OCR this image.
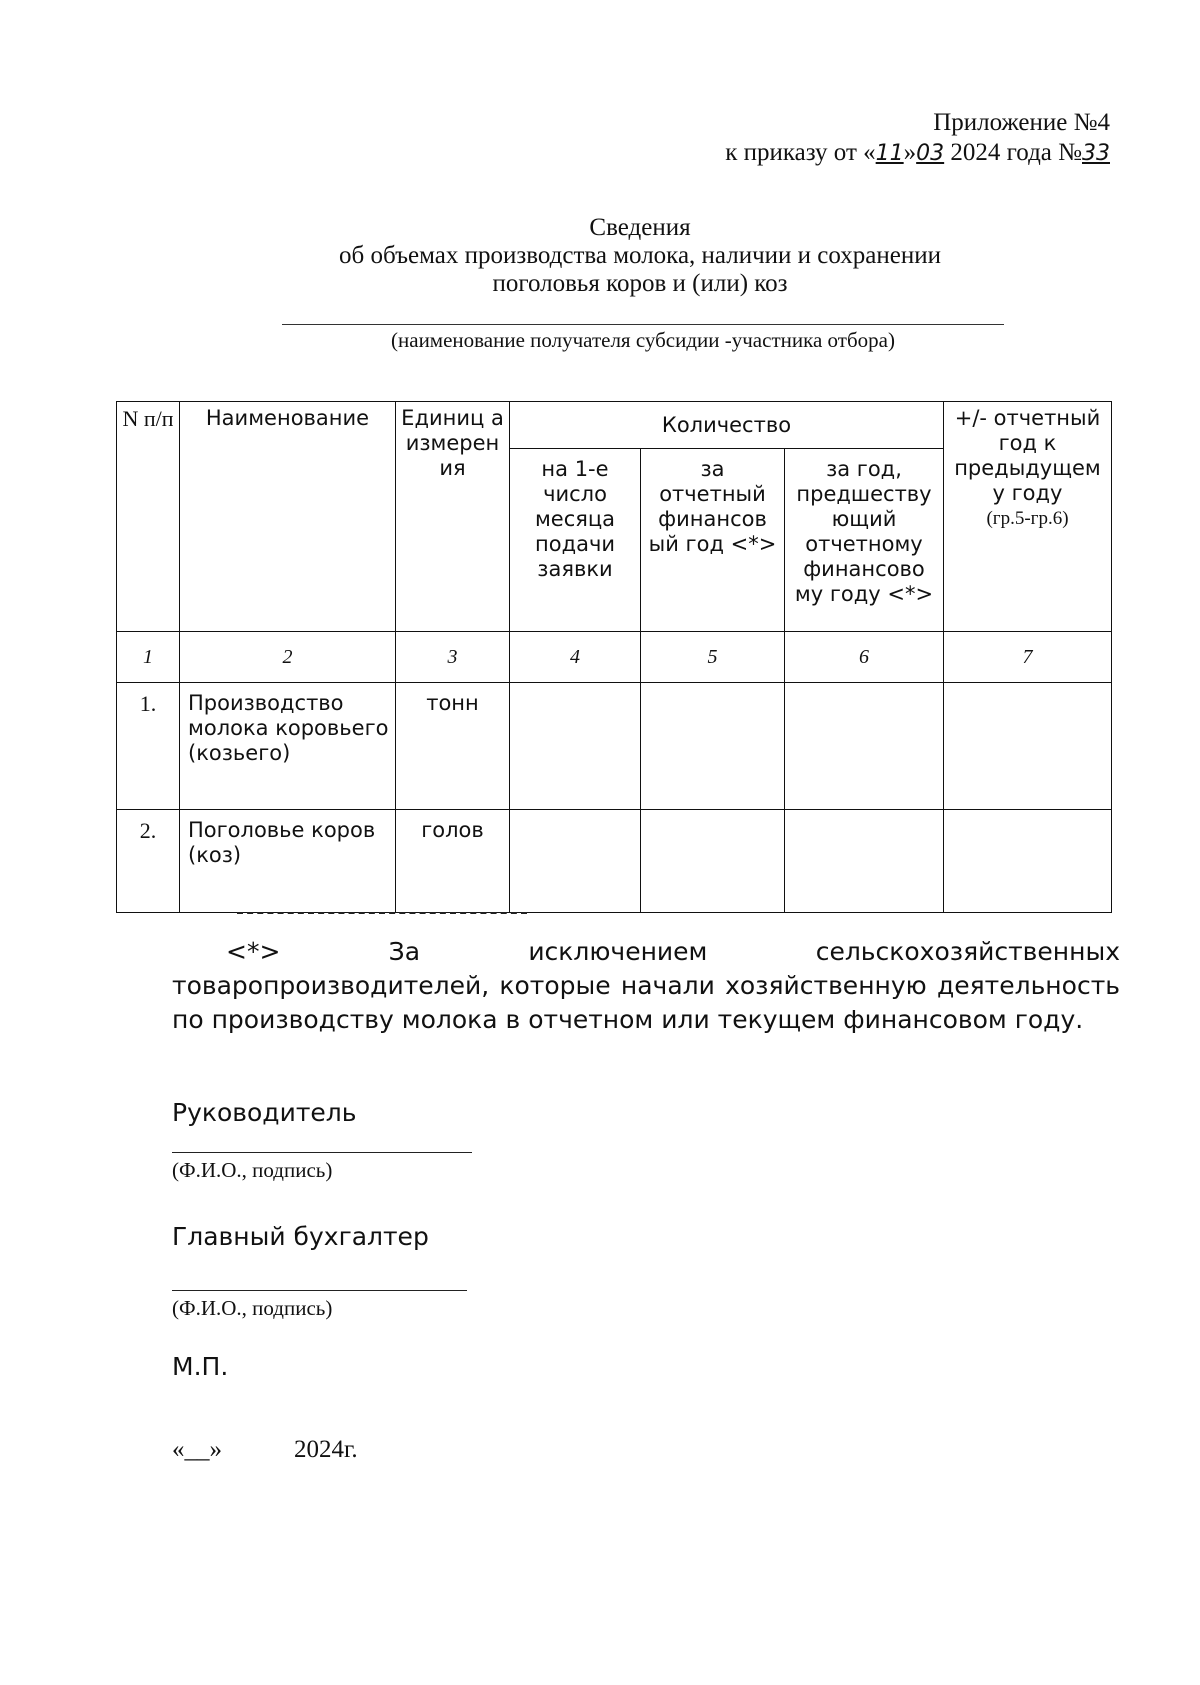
Приложение №4
к приказу от «11»03 2024 года №33
Сведения
об объемах производства молока, наличии и сохранении
поголовья коров и (или) коз
(наименование получателя субсидии -участника отбора)
N п/п	Наименование	Единиц а измерен ия	Количество			+/- отчетный год к предыдущем у году
(гр.5-гр.6)

			на 1-е число месяца подачи заявки	за отчетный финансов ый год <*>	за год, предшеству ющий отчетному финансово му году <*>	
1	2	3	4	5	6	7
1.	Производство молока коровьего (козьего)	тонн				
2.	Поголовье коров (коз)	голов				
<*> За исключением сельскохозяйственных товаропроизводителей, которые начали хозяйственную деятельность по производству молока в отчетном или текущем финансовом году.
Руководитель
(Ф.И.О., подпись)
Главный бухгалтер
(Ф.И.О., подпись)
М.П.
«__»	2024г.
